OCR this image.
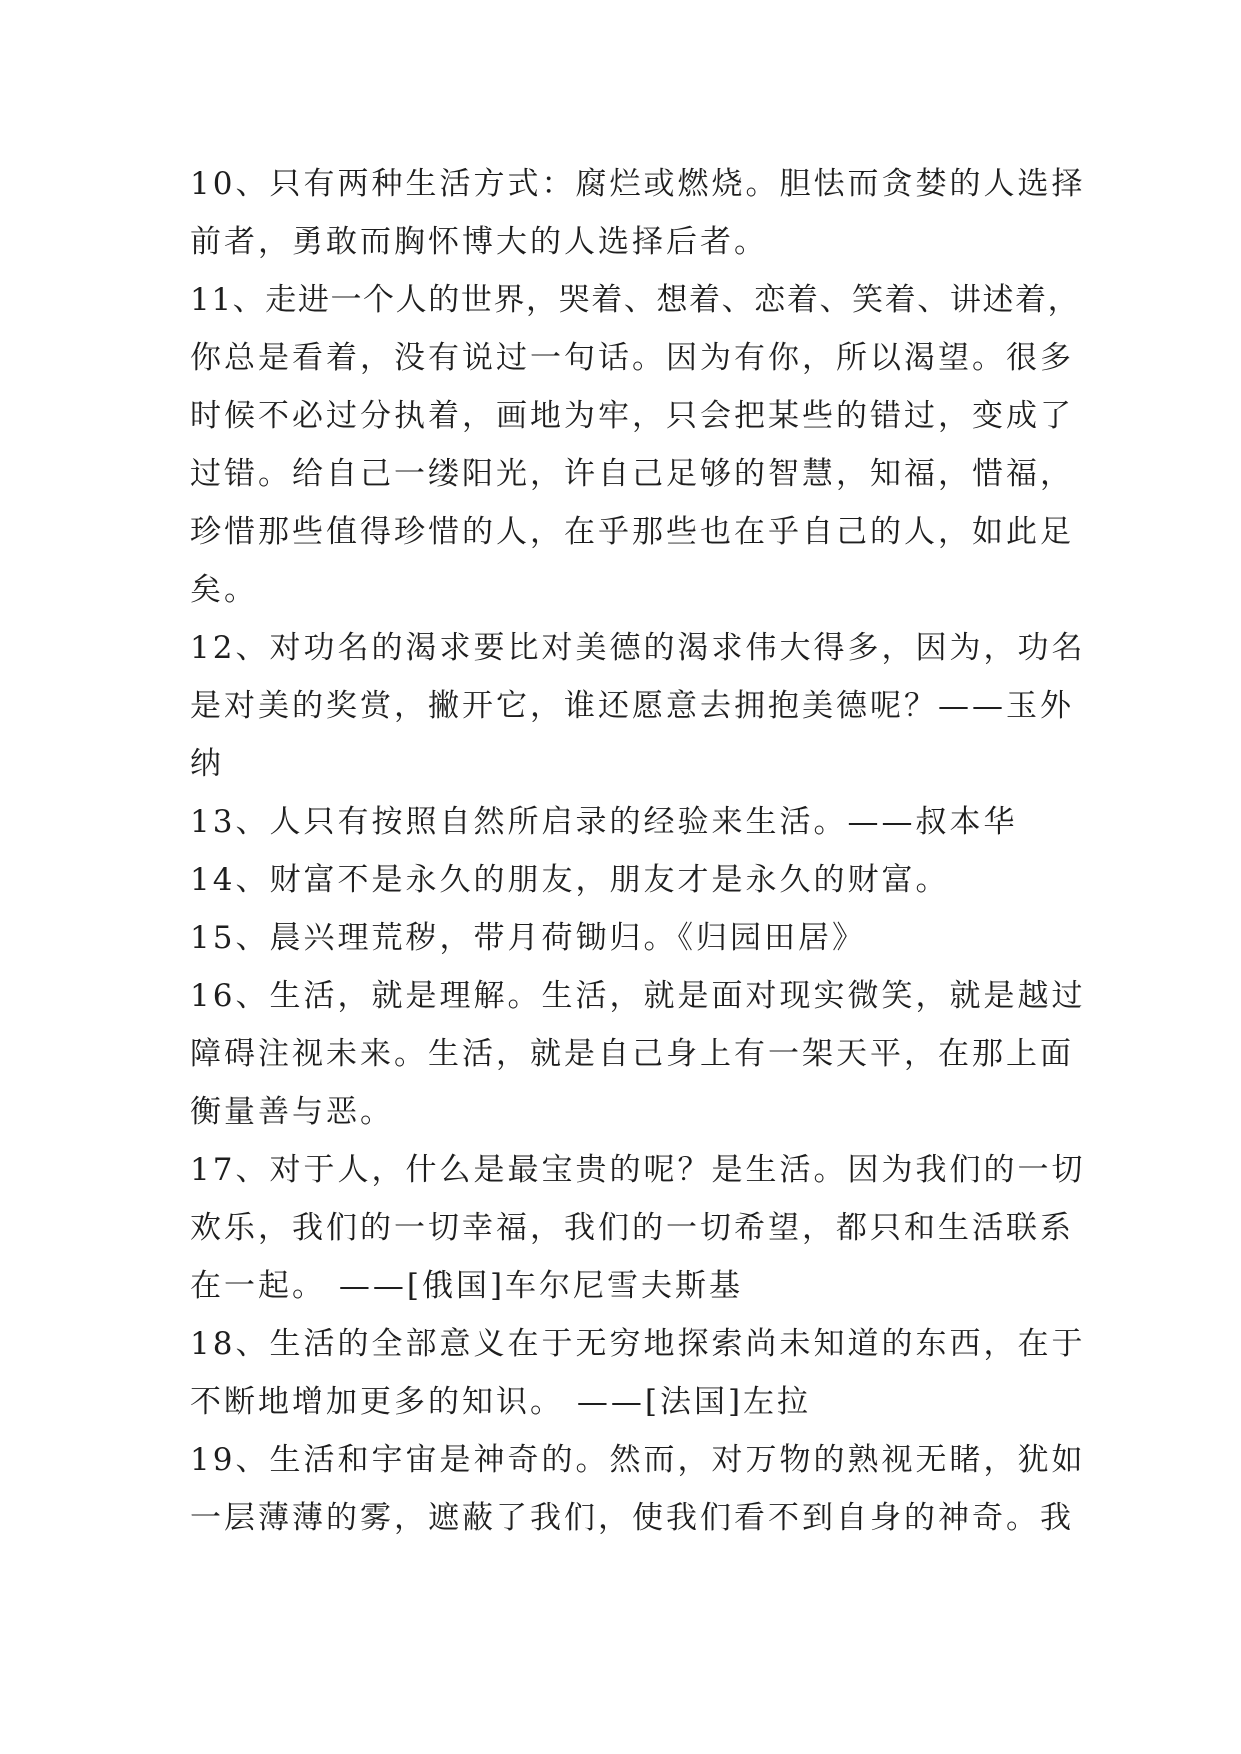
10、只有两种生活方式：腐烂或燃烧。胆怯而贪婪的人选择
前者，勇敢而胸怀博大的人选择后者。
11、走进一个人的世界，哭着、想着、恋着、笑着、讲述着，
你总是看着，没有说过一句话。因为有你，所以渴望。很多
时候不必过分执着，画地为牢，只会把某些的错过，变成了
过错。给自己一缕阳光，许自己足够的智慧，知福，惜福，
珍惜那些值得珍惜的人，在乎那些也在乎自己的人，如此足
矣。
12、对功名的渴求要比对美德的渴求伟大得多，因为，功名
是对美的奖赏，撇开它，谁还愿意去拥抱美德呢？——玉外
纳
13、人只有按照自然所启录的经验来生活。——叔本华
14、财富不是永久的朋友，朋友才是永久的财富。
15、晨兴理荒秽，带月荷锄归。《归园田居》
16、生活，就是理解。生活，就是面对现实微笑，就是越过
障碍注视未来。生活，就是自己身上有一架天平，在那上面
衡量善与恶。
17、对于人，什么是最宝贵的呢？是生活。因为我们的一切
欢乐，我们的一切幸福，我们的一切希望，都只和生活联系
在一起。 ——[俄国]车尔尼雪夫斯基
18、生活的全部意义在于无穷地探索尚未知道的东西，在于
不断地增加更多的知识。 ——[法国]左拉
19、生活和宇宙是神奇的。然而，对万物的熟视无睹，犹如
一层薄薄的雾，遮蔽了我们，使我们看不到自身的神奇。我
